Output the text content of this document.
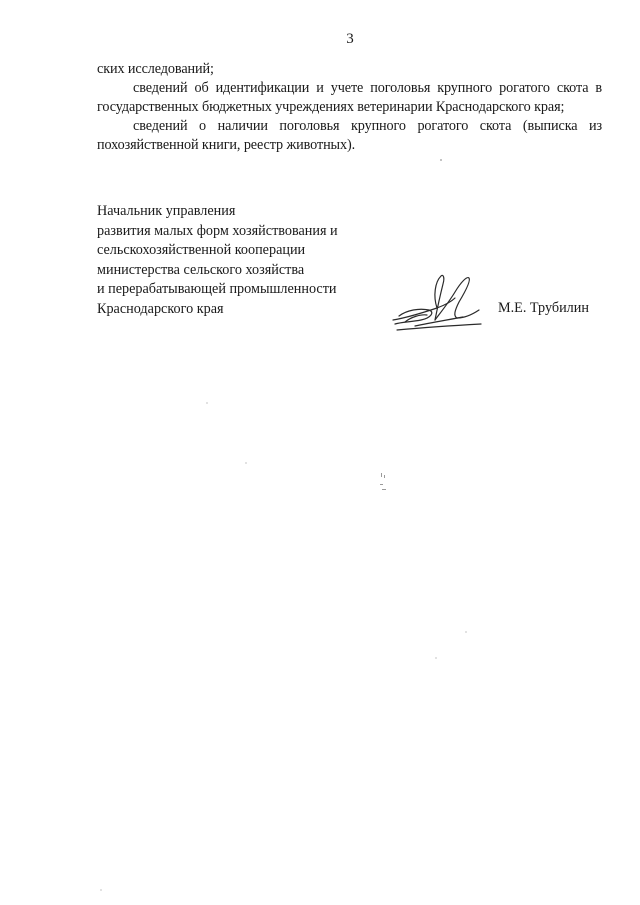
3

ских исследований;

сведений об идентификации и учете поголовья крупного рогатого скота в государственных бюджетных учреждениях ветеринарии Краснодарского края;

сведений о наличии поголовья крупного рогатого скота (выписка из похозяйственной книги, реестр животных).

Начальник управления
развития малых форм хозяйствования и
сельскохозяйственной кооперации
министерства сельского хозяйства
и перерабатывающей промышленности
Краснодарского края	М.Е. Трубилин
